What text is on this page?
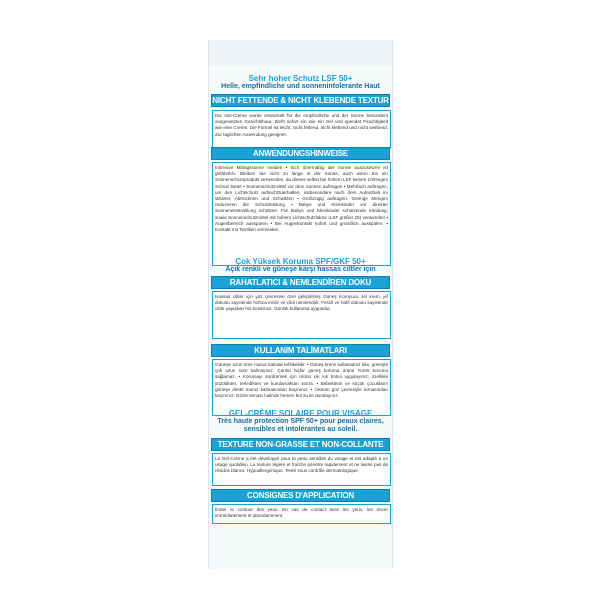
Sehr hoher Schutz LSF 50+
Helle, empfindliche und sonnenintolerante Haut
NICHT FETTENDE & NICHT KLEBENDE TEXTUR
Die Gel-Creme wurde entwickelt für die empfindliche und der Sonne besonders ausgesetzten Gesichtshaut. Zieht sofort ein wie ein Gel und spendet Feuchtigkeit wie eine Creme. Die Formel ist leicht, nicht fettend, nicht klebend und nicht weißend. Zur täglichen Anwendung geeignet.
ANWENDUNGSHINWEISE
Intensive Mittagssonne meiden • Sich übermäßig der Sonne auszusetzen ist gefährlich. Bleiben Sie nicht zu lange in der Sonne, auch wenn Sie ein Sonnenschutzprodukt verwenden, da dieses selbst bei hohem LSF keinen 100%igen Schutz bietet • Sonnenschutzmittel vor dem Sonnen auftragen • Mehrfach auftragen, um den Lichtschutz aufrechtzuerhalten, insbesondere nach dem Aufenthalt im Wasser, Abtrocknen und Schwitzen • Großzügig auftragen. Geringe Mengen reduzieren die Schutzleistung • Babys und Kleinkinder vor direkter Sonneneinstrahlung schützen. Für Babys und Kleinkinder schützende Kleidung, sowie Sonnenschutzmittel mit hohem Lichtschutzfaktor (LSF größer 25) verwenden • Augenbereich aussparen • Bei Augenkontakt sofort und gründlich ausspülen. • Kontakt mit Textilien vermeiden.
Çok Yüksek Koruma SPF/GKF 50+
Açık renkli ve güneşe karşı hassas ciltler için
RAHATLATICI & NEMLENDİREN DOKU
Hassas ciltler için yüz çevresine özel geliştirilmiş Güneş Koruyucu Jel krem, jel dokusu sayesinde hızlıca emilir ve cildi nemlendirir. Ferah ve hafif dokusu sayesinde ciltte yapışkan his bırakmaz. Günlük kullanıma uygundur.
KULLANIM TALİMATLARI
Güneşe uzun süre maruz kalmak tehlikelidir. • Güneş kremi kullansanız bile, güneşte çok uzun süre kalmayınız. Çünkü hiçbir güneş koruma ürünü %100 koruma sağlamaz. • Korumayı sürdürmek için ürünü sık sık bolca uygulayınız, özellikle yüzdükten, terledikten ve kurulandıktan sonra. • Bebeklerin ve küçük çocukların güneşe direkt maruz kalmasından kaçınınız. • Ürünün göz çevresiyle temasından kaçınınız. Gözle teması halinde hemen bol su ile durulayınız.
GEL-CRÈME SOLAIRE POUR VISAGE
Très haute protection SPF 50+ pour peaux claires, sensibles et intolérantes au soleil.
TEXTURE NON-GRASSE ET NON-COLLANTE
Le Gel-Crème a été développé pour la peau sensible du visage et est adapté à un usage quotidien. La texture légère et fraîche pénètre rapidement et ne laisse pas de résidus blancs. Hypoallergénique. Testé sous contrôle dermatologique.
CONSIGNES D'APPLICATION
Éviter le contour des yeux. En cas de contact avec les yeux, les rincer immédiatement et abondamment.
